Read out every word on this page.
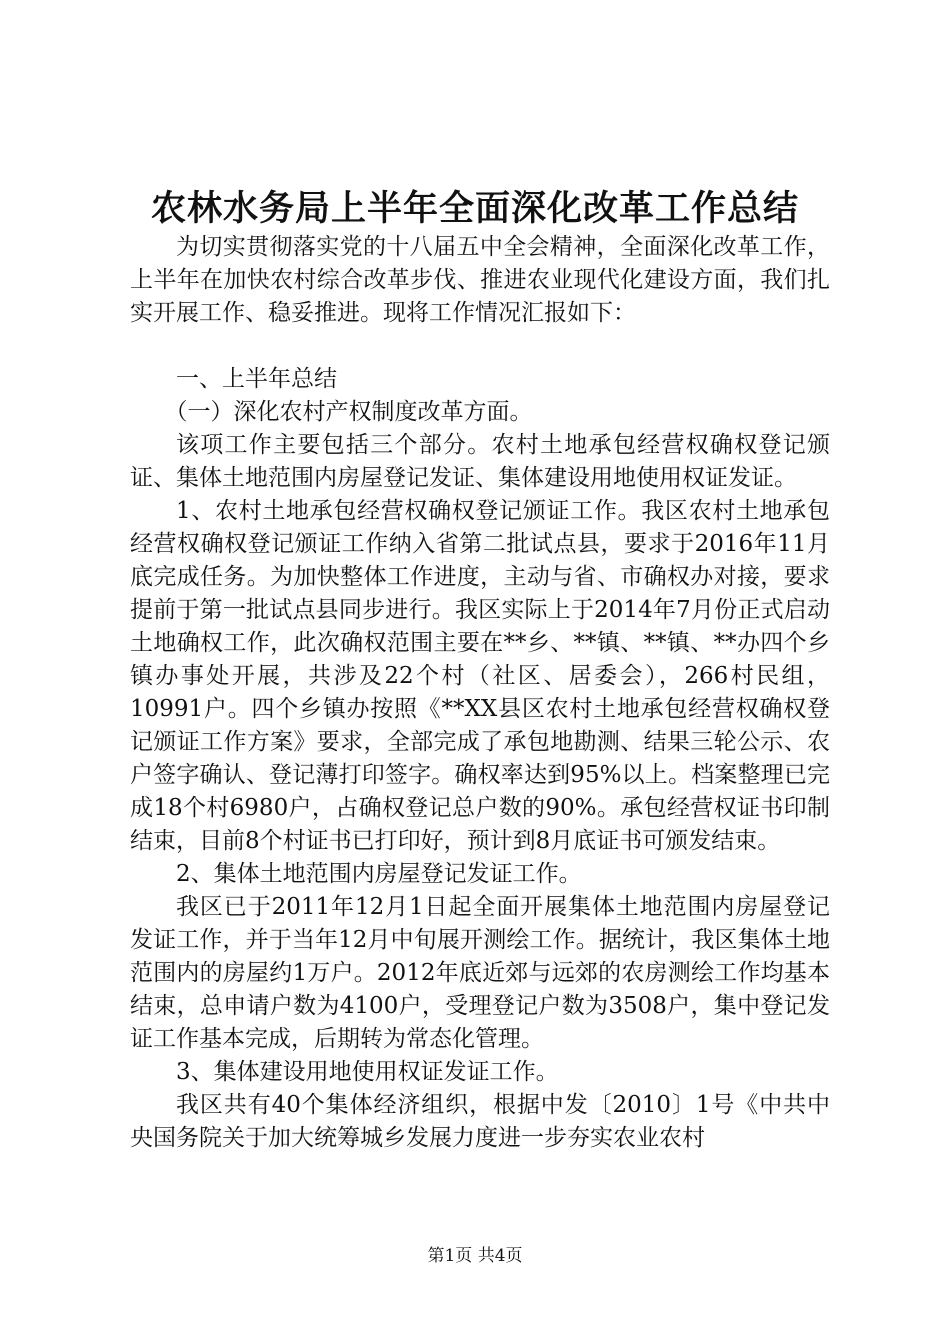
农林水务局上半年全面深化改革工作总结

为切实贯彻落实党的十八届五中全会精神，全面深化改革工作，上半年在加快农村综合改革步伐、推进农业现代化建设方面，我们扎实开展工作、稳妥推进。现将工作情况汇报如下：

一、上半年总结

（一）深化农村产权制度改革方面。

该项工作主要包括三个部分。农村土地承包经营权确权登记颁证、集体土地范围内房屋登记发证、集体建设用地使用权证发证。

1、农村土地承包经营权确权登记颁证工作。我区农村土地承包经营权确权登记颁证工作纳入省第二批试点县，要求于2016年11月底完成任务。为加快整体工作进度，主动与省、市确权办对接，要求提前于第一批试点县同步进行。我区实际上于2014年7月份正式启动土地确权工作，此次确权范围主要在**乡、**镇、**镇、**办四个乡镇办事处开展，共涉及22个村（社区、居委会），266村民组，10991户。四个乡镇办按照《**XX县区农村土地承包经营权确权登记颁证工作方案》要求，全部完成了承包地勘测、结果三轮公示、农户签字确认、登记薄打印签字。确权率达到95%以上。档案整理已完成18个村6980户，占确权登记总户数的90%。承包经营权证书印制结束，目前8个村证书已打印好，预计到8月底证书可颁发结束。

2、集体土地范围内房屋登记发证工作。

我区已于2011年12月1日起全面开展集体土地范围内房屋登记发证工作，并于当年12月中旬展开测绘工作。据统计，我区集体土地范围内的房屋约1万户。2012年底近郊与远郊的农房测绘工作均基本结束，总申请户数为4100户，受理登记户数为3508户，集中登记发证工作基本完成，后期转为常态化管理。

3、集体建设用地使用权证发证工作。

我区共有40个集体经济组织，根据中发〔2010〕1号《中共中央国务院关于加大统筹城乡发展力度进一步夯实农业农村

第1页 共4页
